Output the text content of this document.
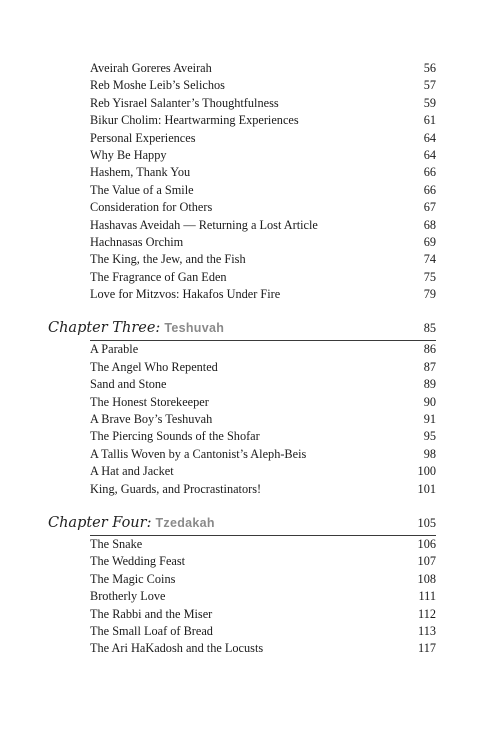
Aveirah Goreres Aveirah	56
Reb Moshe Leib’s Selichos	57
Reb Yisrael Salanter’s Thoughtfulness	59
Bikur Cholim: Heartwarming Experiences	61
Personal Experiences	64
Why Be Happy	64
Hashem, Thank You	66
The Value of a Smile	66
Consideration for Others	67
Hashavas Aveidah — Returning a Lost Article	68
Hachnasas Orchim	69
The King, the Jew, and the Fish	74
The Fragrance of Gan Eden	75
Love for Mitzvos: Hakafos Under Fire	79
Chapter Three: Teshuvah	85
A Parable	86
The Angel Who Repented	87
Sand and Stone	89
The Honest Storekeeper	90
A Brave Boy’s Teshuvah	91
The Piercing Sounds of the Shofar	95
A Tallis Woven by a Cantonist’s Aleph-Beis	98
A Hat and Jacket	100
King, Guards, and Procrastinators!	101
Chapter Four: Tzedakah	105
The Snake	106
The Wedding Feast	107
The Magic Coins	108
Brotherly Love	111
The Rabbi and the Miser	112
The Small Loaf of Bread	113
The Ari HaKadosh and the Locusts	117
